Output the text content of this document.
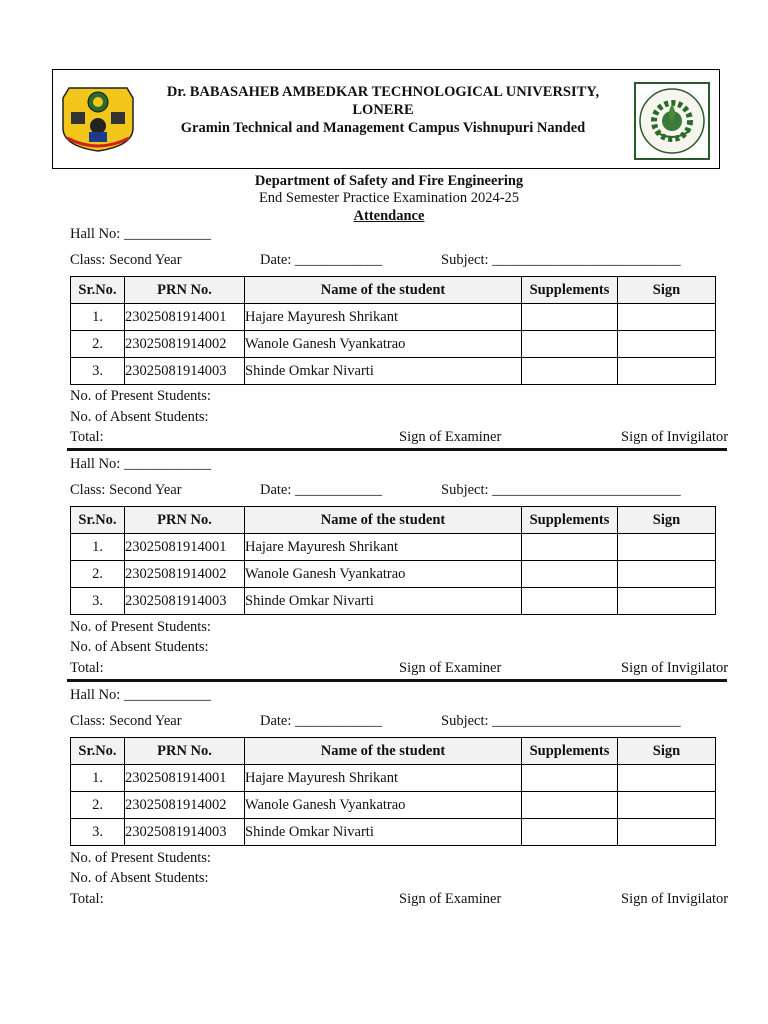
Dr. BABASAHEB AMBEDKAR TECHNOLOGICAL UNIVERSITY,
LONERE
Gramin Technical and Management Campus Vishnupuri Nanded
Department of Safety and Fire Engineering
End Semester Practice Examination 2024-25
Attendance
Hall No: ____________
Class: Second Year	Date: ____________	Subject: __________________________
Sr.No.	PRN No.	Name of the student	Supplements	Sign
1.	23025081914001	Hajare Mayuresh Shrikant		
2.	23025081914002	Wanole Ganesh Vyankatrao		
3.	23025081914003	Shinde Omkar Nivarti		
No. of Present Students:
No. of Absent Students:
Total:	Sign of Examiner	Sign of Invigilator
Hall No: ____________
Class: Second Year	Date: ____________	Subject: __________________________
Sr.No.	PRN No.	Name of the student	Supplements	Sign
1.	23025081914001	Hajare Mayuresh Shrikant		
2.	23025081914002	Wanole Ganesh Vyankatrao		
3.	23025081914003	Shinde Omkar Nivarti		
No. of Present Students:
No. of Absent Students:
Total:	Sign of Examiner	Sign of Invigilator
Hall No: ____________
Class: Second Year	Date: ____________	Subject: __________________________
Sr.No.	PRN No.	Name of the student	Supplements	Sign
1.	23025081914001	Hajare Mayuresh Shrikant		
2.	23025081914002	Wanole Ganesh Vyankatrao		
3.	23025081914003	Shinde Omkar Nivarti		
No. of Present Students:
No. of Absent Students:
Total:	Sign of Examiner	Sign of Invigilator
